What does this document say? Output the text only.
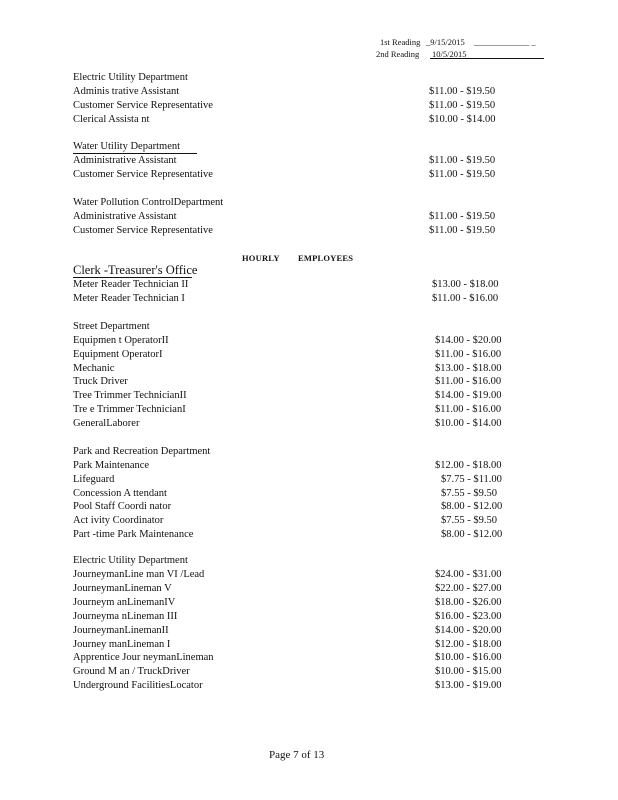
1st Reading _9/15/2015 _____________ _
2nd Reading 10/5/2015
Electric Utility Department
Adminis trative Assistant	$11.00 - $19.50
Customer Service Representative	$11.00 - $19.50
Clerical Assista nt	$10.00 - $14.00
Water Utility Department
Administrative Assistant	$11.00 - $19.50
Customer Service Representative	$11.00 - $19.50
Water Pollution ControlDepartment
Administrative Assistant	$11.00 - $19.50
Customer Service Representative	$11.00 - $19.50
HOURLY EMPLOYEES
Clerk -Treasurer's Office
Meter Reader Technician II	$13.00 - $18.00
Meter Reader Technician I	$11.00 - $16.00
Street Department
Equipmen t OperatorII	$14.00 - $20.00
Equipment OperatorI	$11.00 - $16.00
Mechanic	$13.00 - $18.00
Truck Driver	$11.00 - $16.00
Tree Trimmer TechnicianII	$14.00 - $19.00
Tre e Trimmer TechnicianI	$11.00 - $16.00
GeneralLaborer	$10.00 - $14.00
Park and Recreation Department
Park Maintenance	$12.00 - $18.00
Lifeguard	$7.75 - $11.00
Concession A ttendant	$7.55 - $9.50
Pool Staff Coordi nator	$8.00 - $12.00
Act ivity Coordinator	$7.55 - $9.50
Part -time Park Maintenance	$8.00 - $12.00
Electric Utility Department
JourneymanLine man VI /Lead	$24.00 - $31.00
JourneymanLineman V	$22.00 - $27.00
Journeym anLinemanIV	$18.00 - $26.00
Journeyma nLineman III	$16.00 - $23.00
JourneymanLinemanII	$14.00 - $20.00
Journey manLineman I	$12.00 - $18.00
Apprentice Jour neymanLineman	$10.00 - $16.00
Ground M an / TruckDriver	$10.00 - $15.00
Underground FacilitiesLocator	$13.00 - $19.00
Page 7 of 13
